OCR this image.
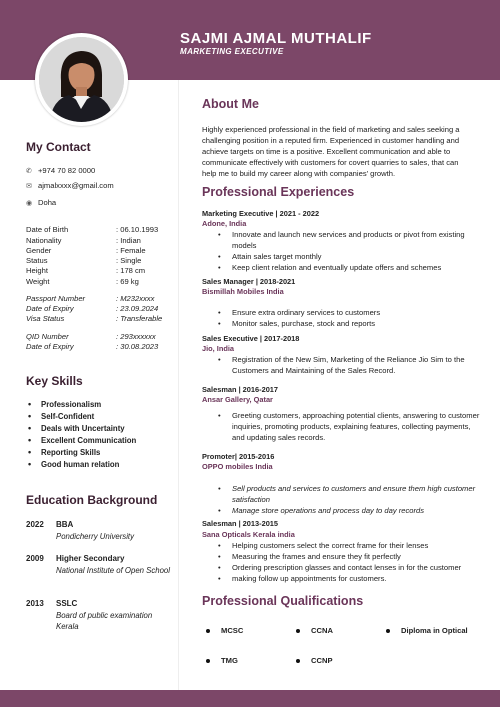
SAJMI AJMAL MUTHALIF
MARKETING EXECUTIVE
My Contact
✆ +974 70 82 0000
✉ ajmalxxxx@gmail.com
◉ Doha
Date of Birth	: 06.10.1993
Nationality	: Indian
Gender	: Female
Status	: Single
Height	: 178 cm
Weight	: 69 kg
Passport Number	: M232xxxx
Date of Expiry	: 23.09.2024
Visa Status	: Transferable
QID Number	: 293xxxxxx
Date of Expiry	: 30.08.2023
Key Skills
• Professionalism
• Self-Confident
• Deals with Uncertainty
• Excellent Communication
• Reporting Skills
• Good human relation
Education Background
2022 BBA
Pondicherry University
2009 Higher Secondary
National Institute of Open School
2013 SSLC
Board of public examination Kerala
About Me
Highly experienced professional in the field of marketing and sales seeking a challenging position in a reputed firm. Experienced in customer handling and achieve targets on time is a positive. Excellent communication and able to communicate effectively with customers for covert quarries to sales, that can help me to build my career along with companies' growth.
Professional Experiences
Marketing Executive | 2021 - 2022
Adone, India
• Innovate and launch new services and products or pivot from existing models
• Attain sales target monthly
• Keep client relation and eventually update offers and schemes
Sales Manager | 2018-2021
Bismillah Mobiles India
• Ensure extra ordinary services to customers
• Monitor sales, purchase, stock and reports
Sales Executive | 2017-2018
Jio, India
• Registration of the New Sim, Marketing of the Reliance Jio Sim to the Customers and Maintaining of the Sales Record.
Salesman | 2016-2017
Ansar Gallery, Qatar
• Greeting customers, approaching potential clients, answering to customer inquiries, promoting products, explaining features, collecting payments, and updating sales records.
Promoter| 2015-2016
OPPO mobiles India
• Sell products and services to customers and ensure them high customer satisfaction
• Manage store operations and process day to day records
Salesman | 2013-2015
Sana Opticals Kerala india
• Helping customers select the correct frame for their lenses
• Measuring the frames and ensure they fit perfectly
• Ordering prescription glasses and contact lenses in for the customer
• making follow up appointments for customers.
Professional Qualifications
MCSC	CCNA	Diploma in Optical
TMG	CCNP
